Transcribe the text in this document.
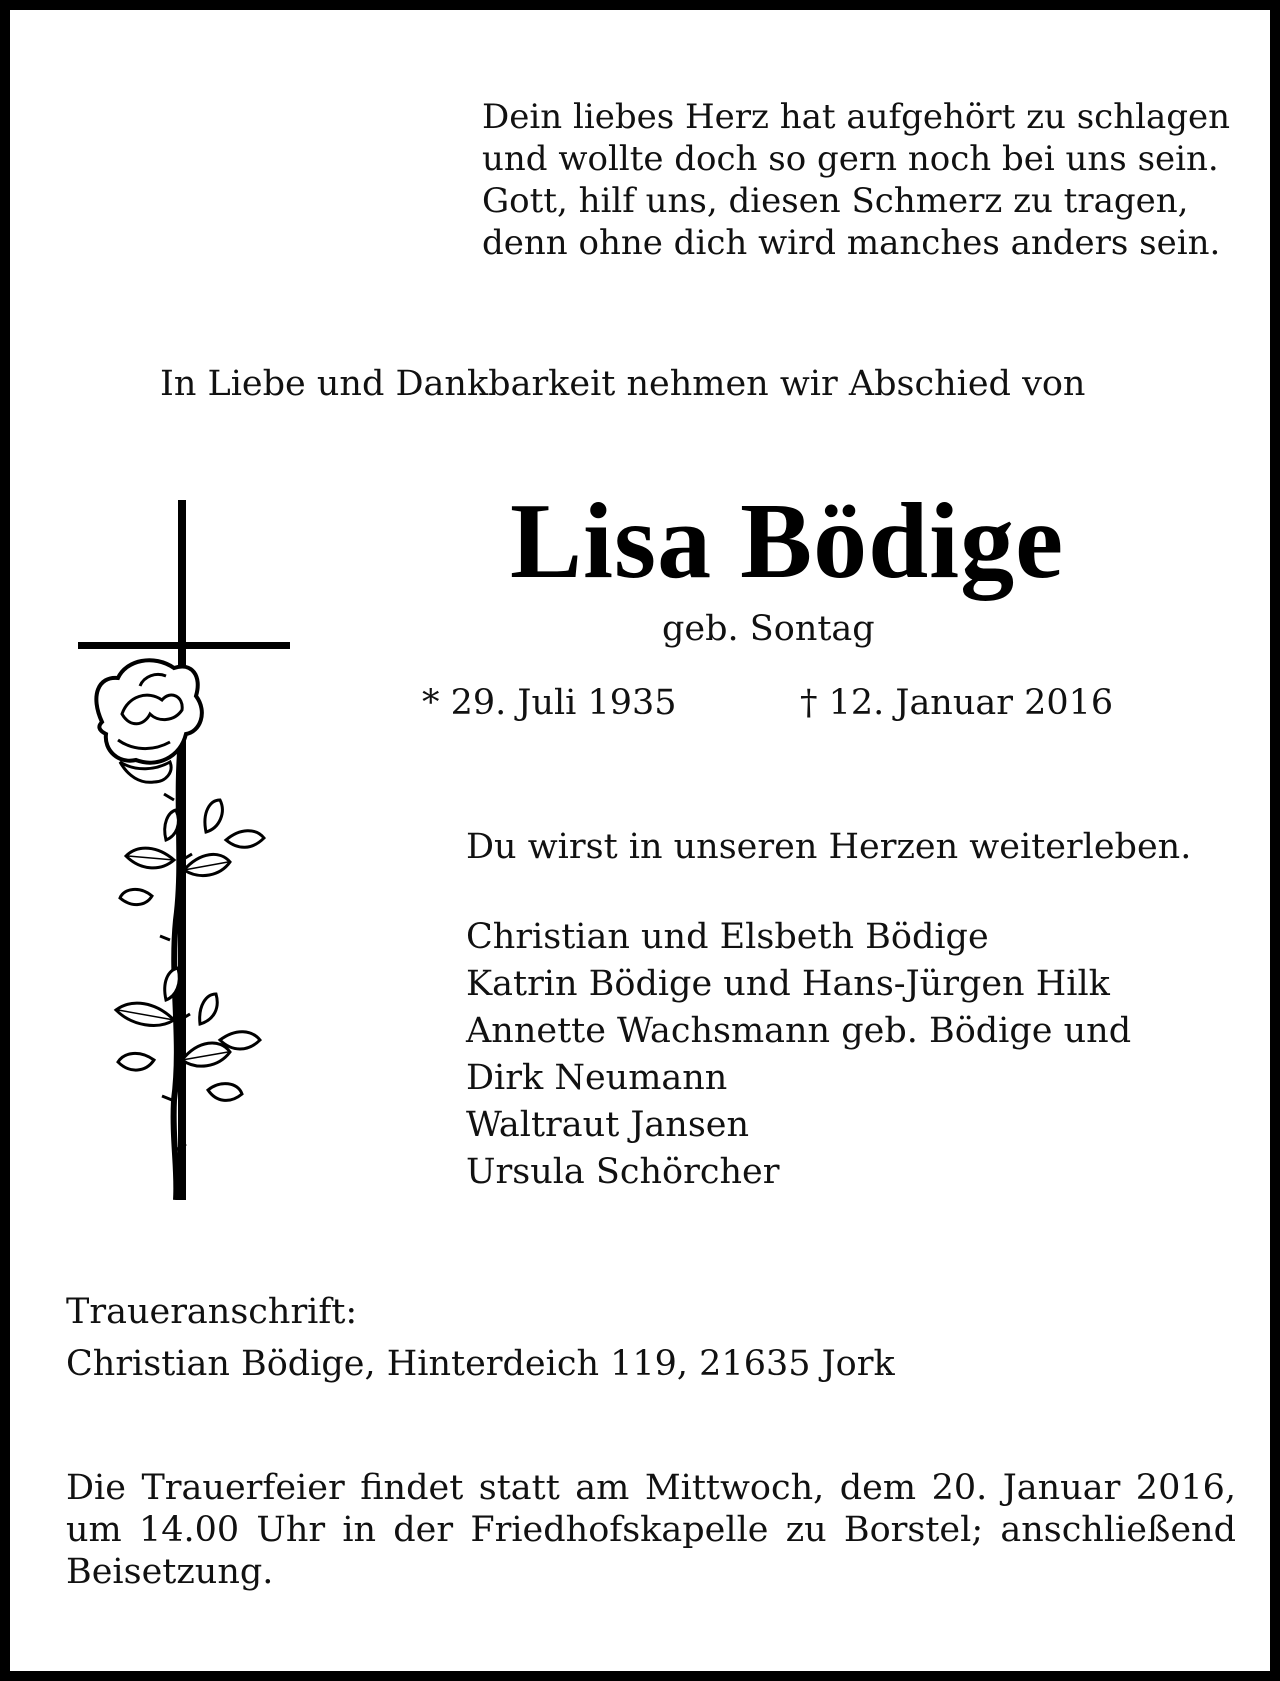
Dein liebes Herz hat aufgehört zu schlagen
und wollte doch so gern noch bei uns sein.
Gott, hilf uns, diesen Schmerz zu tragen,
denn ohne dich wird manches anders sein.

In Liebe und Dankbarkeit nehmen wir Abschied von

Lisa Bödige

geb. Sontag

* 29. Juli 1935	† 12. Januar 2016

Du wirst in unseren Herzen weiterleben.

Christian und Elsbeth Bödige
Katrin Bödige und Hans-Jürgen Hilk
Annette Wachsmann geb. Bödige und
Dirk Neumann
Waltraut Jansen
Ursula Schörcher

Traueranschrift:

Christian Bödige, Hinterdeich 119, 21635 Jork

Die Trauerfeier findet statt am Mittwoch, dem 20. Januar 2016, um 14.00 Uhr in der Friedhofskapelle zu Borstel; anschließend Beisetzung.
